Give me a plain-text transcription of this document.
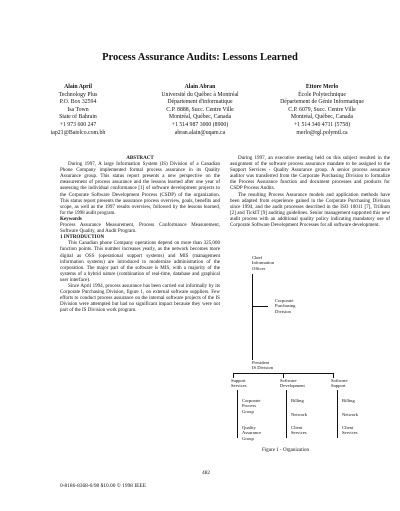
Process Assurance Audits: Lessons Learned
Alain April
Technology Plus
P.O. Box 32594
Isa Town
State of Bahrain
+1 973 600 247
iap21@Batelco.com.bh
Alain Abran
Université du Québec à Montréal
Département d'informatique
C.P. 8888, Succ. Centre Ville
Montréal, Québec, Canada
+1 514 987 3000 (8900)
abran.alain@uqam.ca
Ettore Merlo
École Polytechnique
Département de Génie Informatique
C.P. 6079, Succ. Centre Ville
Montréal, Québec, Canada
+1 514 340 4711 (5758)
merlo@rgl.polymtl.ca

ABSTRACT

During 1997, A large Information System (IS) Division of a Canadian Phone Company implemented formal process assurance in its Quality Assurance group. This status report presents a new perspective on the measurement of process assurance and the lessons learned after one year of assessing the individual conformance [1] of software development projects to the Corporate Software Development Process (CSDP) of the organization. This status report presents the assurance process overview, goals, benefits and scope, as well as the 1997 results overview, followed by the lessons learned, for the 1998 audit program.

Keywords

Process Assurance Measurement, Process Conformance Measurement, Software Quality, and Audit Program.

1 INTRODUCTION

This Canadian phone Company operations depend on more than 325,000 function points. This number increases yearly, as the network becomes more digital as OSS (operational support systems) and MIS (management information systems) are introduced to modernize administration of the corporation. The major part of the software is MIS, with a majority of the systems of a hybrid nature (combination of real-time, database and graphical user interface).

Since April 1994, process assurance has been carried out informally by its Corporate Purchasing Division, figure 1, on external software suppliers. Few efforts to conduct process assurance on the internal software projects of the IS Division were attempted but had no significant impact because they were not part of the IS Division work program.

During 1997, an executive meeting held on this subject resulted in the assignment of the software process assurance mandate to be assigned to the Support Services - Quality Assurance group. A senior process assurance auditor was transferred from the Corporate Purchasing Division to formalize the Process Assurance function and document processes and products for CSDP Process Audits.

The resulting Process Assurance models and application methods have been adapted from experience gained in the Corporate Purchasing Division since 1994, and the audit processes described in the ISO 10011 [7], Trillium [2] and TickIT [9] auditing guidelines. Senior management supported this new audit process with an additional quality policy indicating mandatory use of Corporate Software Development Processes for all software development.

Chief
Information
Officer
Corporate
Purchasing
Division
President
IS Division
Support
Services
Software
Development
Software
Support
Corporate
Process
Group
Billing	Billing
Network	Network
Quality
Assurance
Group
Client
Services
Client
Services
Figure 1 - Organization
482
0-8186-8368-6/98 $10.00 © 1998 IEEE
